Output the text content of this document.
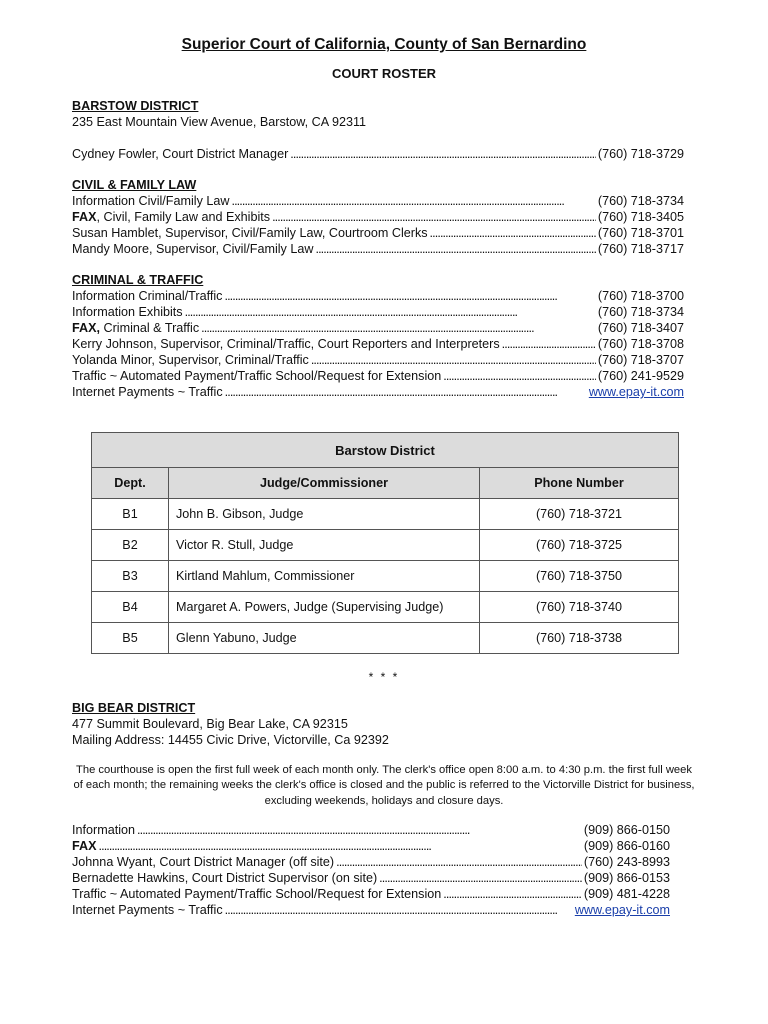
Superior Court of California, County of San Bernardino
COURT ROSTER
BARSTOW DISTRICT
235 East Mountain View Avenue, Barstow, CA 92311
Cydney Fowler, Court District Manager . . .	(760) 718-3729
CIVIL & FAMILY LAW
Information Civil/Family Law . . .	(760) 718-3734
FAX, Civil, Family Law and Exhibits . . .	(760) 718-3405
Susan Hamblet, Supervisor, Civil/Family Law, Courtroom Clerks . . .	(760) 718-3701
Mandy Moore, Supervisor, Civil/Family Law . . .	(760) 718-3717
CRIMINAL & TRAFFIC
Information Criminal/Traffic . . .	(760) 718-3700
Information Exhibits . . .	(760) 718-3734
FAX, Criminal & Traffic . . .	(760) 718-3407
Kerry Johnson, Supervisor, Criminal/Traffic, Court Reporters and Interpreters . . .	(760) 718-3708
Yolanda Minor, Supervisor, Criminal/Traffic . . .	(760) 718-3707
Traffic ~ Automated Payment/Traffic School/Request for Extension . . .	(760) 241-9529
Internet Payments ~ Traffic . . .	www.epay-it.com
Barstow District		
Dept.	Judge/Commissioner	Phone Number
B1	John B. Gibson, Judge	(760) 718-3721
B2	Victor R. Stull, Judge	(760) 718-3725
B3	Kirtland Mahlum, Commissioner	(760) 718-3750
B4	Margaret A. Powers, Judge (Supervising Judge)	(760) 718-3740
B5	Glenn Yabuno, Judge	(760) 718-3738
* * *
BIG BEAR DISTRICT
477 Summit Boulevard, Big Bear Lake, CA 92315
Mailing Address: 14455 Civic Drive, Victorville, Ca 92392
The courthouse is open the first full week of each month only. The clerk's office open 8:00 a.m. to 4:30 p.m. the first full week of each month; the remaining weeks the clerk's office is closed and the public is referred to the Victorville District for business, excluding weekends, holidays and closure days.
Information . . .	(909) 866-0150
FAX . . .	(909) 866-0160
Johnna Wyant, Court District Manager (off site) . . .	(760) 243-8993
Bernadette Hawkins, Court District Supervisor (on site) . . .	(909) 866-0153
Traffic ~ Automated Payment/Traffic School/Request for Extension . . .	(909) 481-4228
Internet Payments ~ Traffic . . .	www.epay-it.com
